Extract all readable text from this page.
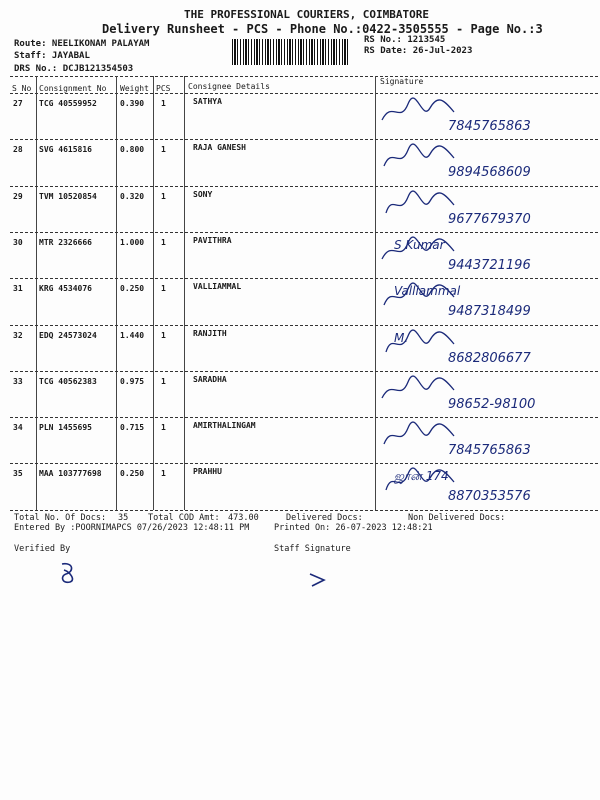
THE PROFESSIONAL COURIERS, COIMBATORE
Delivery Runsheet - PCS - Phone No.:0422-3505555 - Page No.:3
Route: NEELIKONAM PALAYAM
Staff: JAYABAL
DRS No.: DCJB121354503
RS No.: 1213545
RS Date: 26-Jul-2023
S No Consignment No Weight PCS Consignee Details
Signature
27 TCG 40559952	0.390 1	SATHYA
7845765863
28 SVG 4615816	0.800 1	RAJA GANESH
9894568609
29 TVM 10520854	0.320 1	SONY
9677679370
30 MTR 2326666	1.000 1	PAVITHRA	S Kumar
9443721196
31 KRG 4534076	0.250 1	VALLIAMMAL	Valliammal
9487318499
32 EDQ 24573024	1.440 1	RANJITH	M.
8682806677
33 TCG 40562383	0.975 1	SARADHA
98652-98100
34 PLN 1455695	0.715 1	AMIRTHALINGAM
7845765863
35 MAA 103777698 0.250 1	PRAHHU	ஜான் 174
8870353576
Total No. Of Docs: 35 Total COD Amt: 473.00	Delivered Docs:	Non Delivered Docs:
Entered By :POORNIMAPCS 07/26/2023 12:48:11 PM	Printed On: 26-07-2023 12:48:21
Verified By	Staff Signature
